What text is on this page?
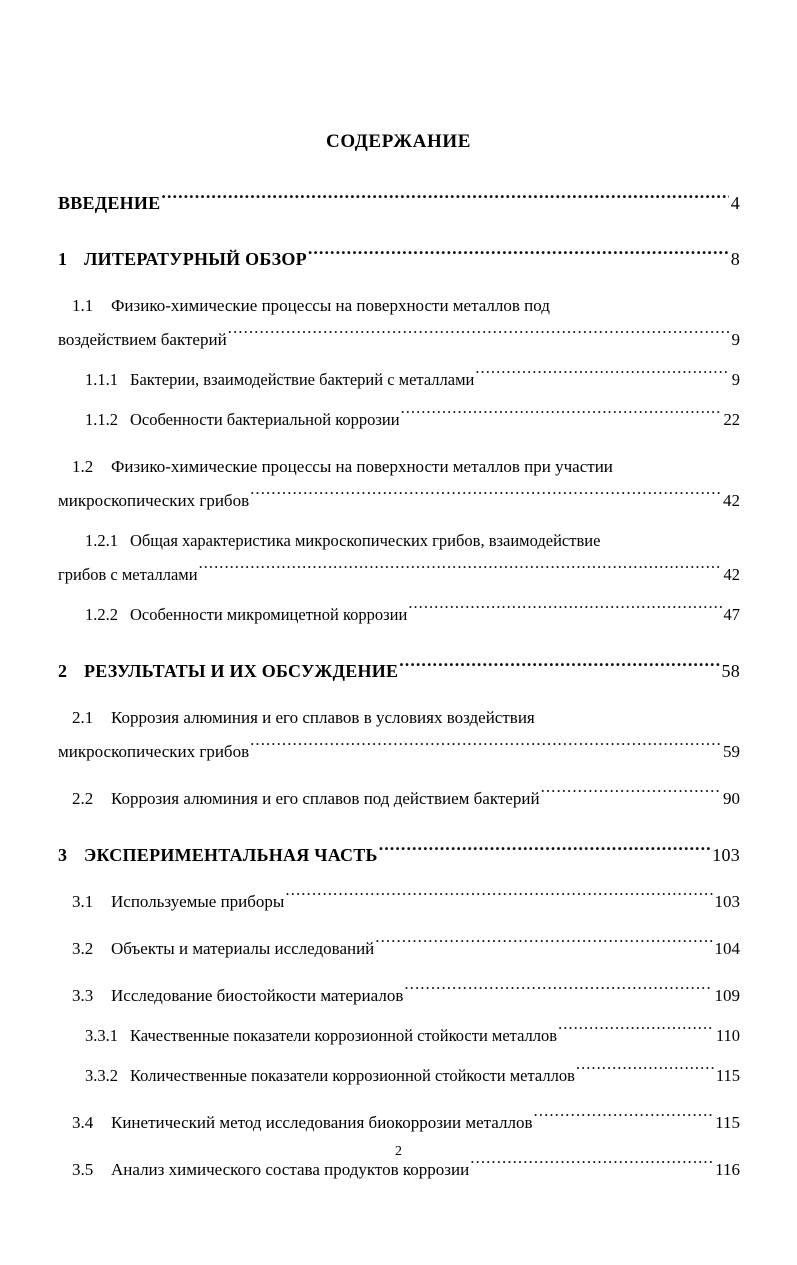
СОДЕРЖАНИЕ
ВВЕДЕНИЕ .....	4
1 ЛИТЕРАТУРНЫЙ ОБЗОР .....	8
1.1	Физико-химические процессы на поверхности металлов под
воздействием бактерий .....	9
1.1.1 Бактерии, взаимодействие бактерий с металлами .....	9
1.1.2 Особенности бактериальной коррозии .....	22
1.2	Физико-химические процессы на поверхности металлов при участии
микроскопических грибов .....	42
1.2.1 Общая характеристика микроскопических грибов, взаимодействие
грибов с металлами .....	42
1.2.2 Особенности микромицетной коррозии .....	47
2 РЕЗУЛЬТАТЫ И ИХ ОБСУЖДЕНИЕ .....	58
2.1	Коррозия алюминия и его сплавов в условиях воздействия
микроскопических грибов .....	59
2.2	Коррозия алюминия и его сплавов под действием бактерий .....	90
3 ЭКСПЕРИМЕНТАЛЬНАЯ ЧАСТЬ .....	103
3.1	Используемые приборы .....	103
3.2	Объекты и материалы исследований .....	104
3.3	Исследование биостойкости материалов .....	109
3.3.1 Качественные показатели коррозионной стойкости металлов .....	110
3.3.2 Количественные показатели коррозионной стойкости металлов .....	115
3.4	Кинетический метод исследования биокоррозии металлов .....	115
3.5	Анализ химического состава продуктов коррозии .....	116
2
